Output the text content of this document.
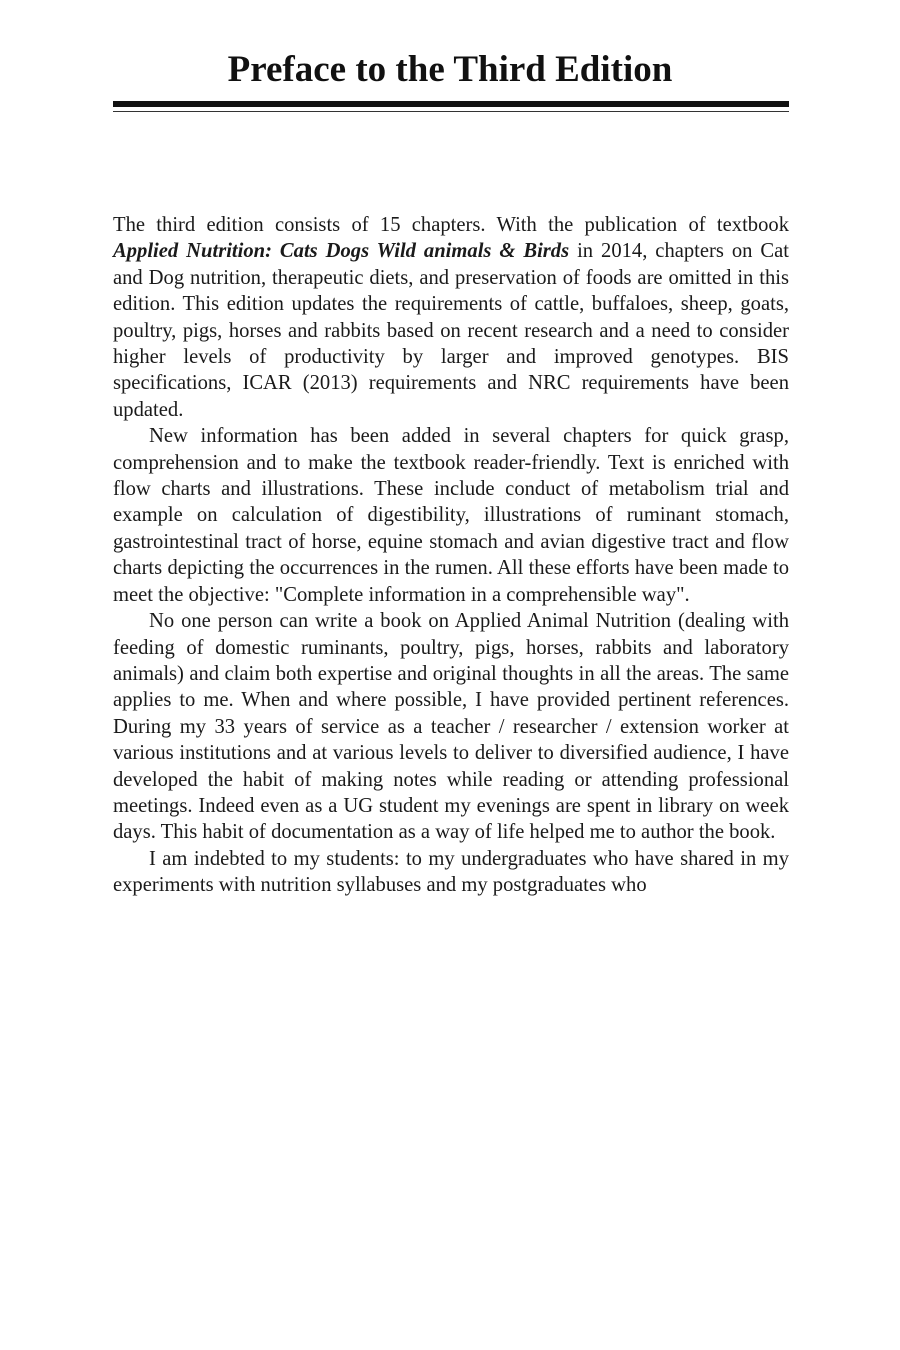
Preface to the Third Edition

The third edition consists of 15 chapters. With the publication of textbook Applied Nutrition: Cats Dogs Wild animals & Birds in 2014, chapters on Cat and Dog nutrition, therapeutic diets, and preservation of foods are omitted in this edition. This edition updates the requirements of cattle, buffaloes, sheep, goats, poultry, pigs, horses and rabbits based on recent research and a need to consider higher levels of productivity by larger and improved genotypes. BIS specifications, ICAR (2013) requirements and NRC requirements have been updated.

New information has been added in several chapters for quick grasp, comprehension and to make the textbook reader-friendly. Text is enriched with flow charts and illustrations. These include conduct of metabolism trial and example on calculation of digestibility, illustrations of ruminant stomach, gastrointestinal tract of horse, equine stomach and avian digestive tract and flow charts depicting the occurrences in the rumen. All these efforts have been made to meet the objective: "Complete information in a comprehensible way".

No one person can write a book on Applied Animal Nutrition (dealing with feeding of domestic ruminants, poultry, pigs, horses, rabbits and laboratory animals) and claim both expertise and original thoughts in all the areas. The same applies to me. When and where possible, I have provided pertinent references. During my 33 years of service as a teacher / researcher / extension worker at various institutions and at various levels to deliver to diversified audience, I have developed the habit of making notes while reading or attending professional meetings. Indeed even as a UG student my evenings are spent in library on week days. This habit of documentation as a way of life helped me to author the book.

I am indebted to my students: to my undergraduates who have shared in my experiments with nutrition syllabuses and my postgraduates who
